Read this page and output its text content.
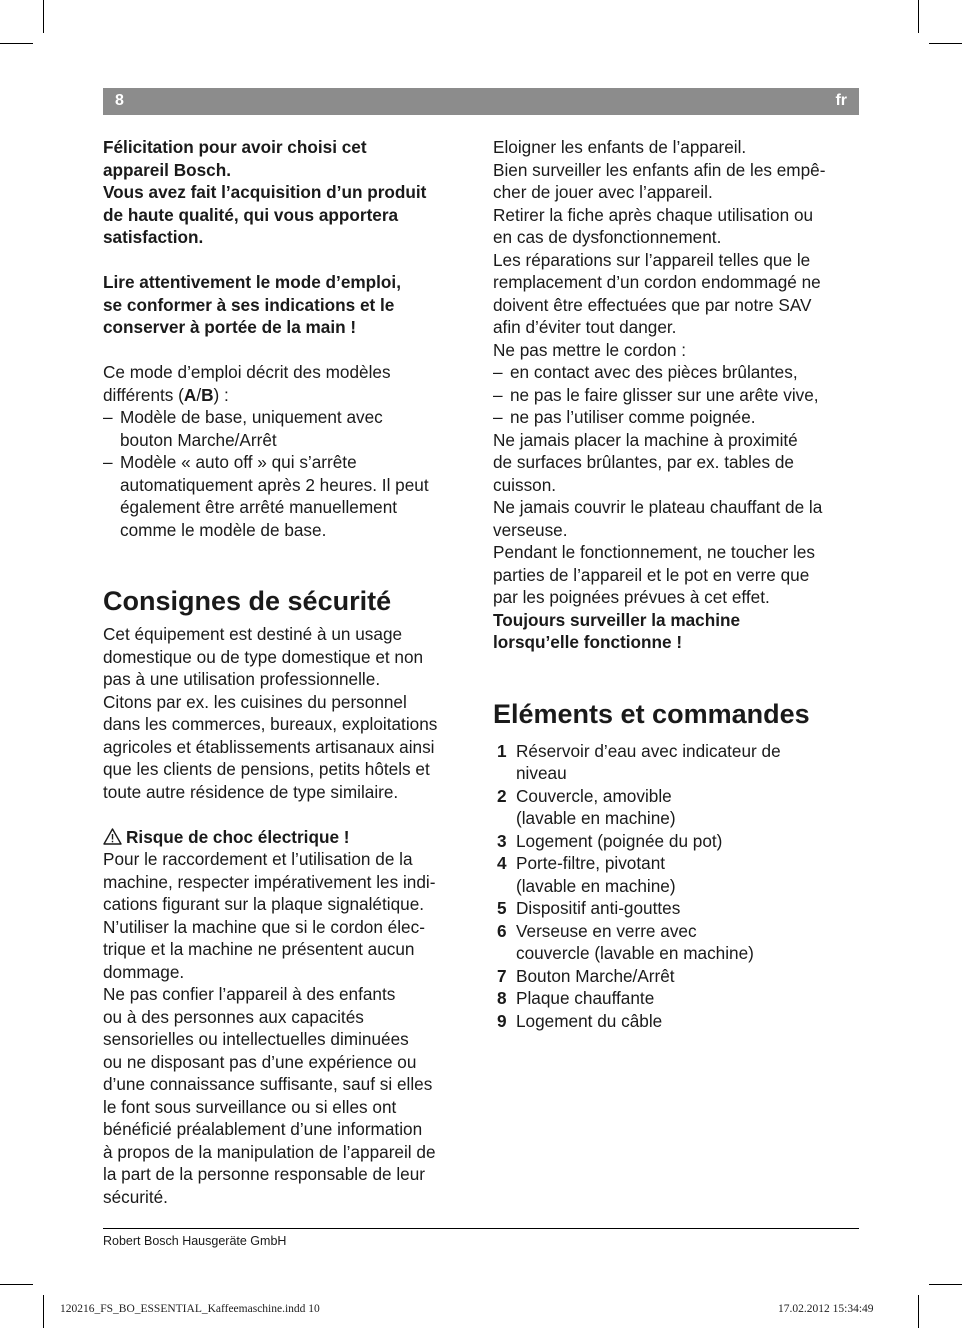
8	fr

Félicitation pour avoir choisi cet

appareil Bosch.

Vous avez fait l’acquisition d’un produit

de haute qualité, qui vous apportera

satisfaction.

Lire attentivement le mode d’emploi,

se conformer à ses indications et le

conserver à portée de la main !

Ce mode d’emploi décrit des modèles

différents (A/B) :

– Modèle de base, uniquement avec

bouton Marche/Arrêt

– Modèle « auto off » qui s’arrête

automatiquement après 2 heures. Il peut

également être arrêté manuellement

comme le modèle de base.

Consignes de sécurité

Cet équipement est destiné à un usage

domestique ou de type domestique et non

pas à une utilisation professionnelle.

Citons par ex. les cuisines du personnel

dans les commerces, bureaux, exploitations

agricoles et établissements artisanaux ainsi

que les clients de pensions, petits hôtels et

toute autre résidence de type similaire.

Risque de choc électrique !

Pour le raccordement et l’utilisation de la

machine, respecter impérativement les indi-

cations figurant sur la plaque signalétique.

N’utiliser la machine que si le cordon élec-

trique et la machine ne présentent aucun

dommage.

Ne pas confier l’appareil à des enfants

ou à des personnes aux capacités

sensorielles ou intellectuelles diminuées

ou ne disposant pas d’une expérience ou

d’une connaissance suffisante, sauf si elles

le font sous surveillance ou si elles ont

bénéficié préalablement d’une information

à propos de la manipulation de l’appareil de

la part de la personne responsable de leur

sécurité.

Eloigner les enfants de l’appareil.

Bien surveiller les enfants afin de les empê-

cher de jouer avec l’appareil.

Retirer la fiche après chaque utilisation ou

en cas de dysfonctionnement.

Les réparations sur l’appareil telles que le

remplacement d’un cordon endommagé ne

doivent être effectuées que par notre SAV

afin d’éviter tout danger.

Ne pas mettre le cordon :

– en contact avec des pièces brûlantes,

– ne pas le faire glisser sur une arête vive,

– ne pas l’utiliser comme poignée.

Ne jamais placer la machine à proximité

de surfaces brûlantes, par ex. tables de

cuisson.

Ne jamais couvrir le plateau chauffant de la

verseuse.

Pendant le fonctionnement, ne toucher les

parties de l’appareil et le pot en verre que

par les poignées prévues à cet effet.

Toujours surveiller la machine

lorsqu’elle fonctionne !

Eléments et commandes
1 Réservoir d’eau avec indicateur de

niveau

2 Couvercle, amovible

(lavable en machine)

3 Logement (poignée du pot)

4 Porte-filtre, pivotant

(lavable en machine)

5 Dispositif anti-gouttes

6 Verseuse en verre avec

couvercle (lavable en machine)

7 Bouton Marche/Arrêt

8 Plaque chauffante

9 Logement du câble

Robert Bosch Hausgeräte GmbH
120216_FS_BO_ESSENTIAL_Kaffeemaschine.indd 10	17.02.2012 15:34:49
